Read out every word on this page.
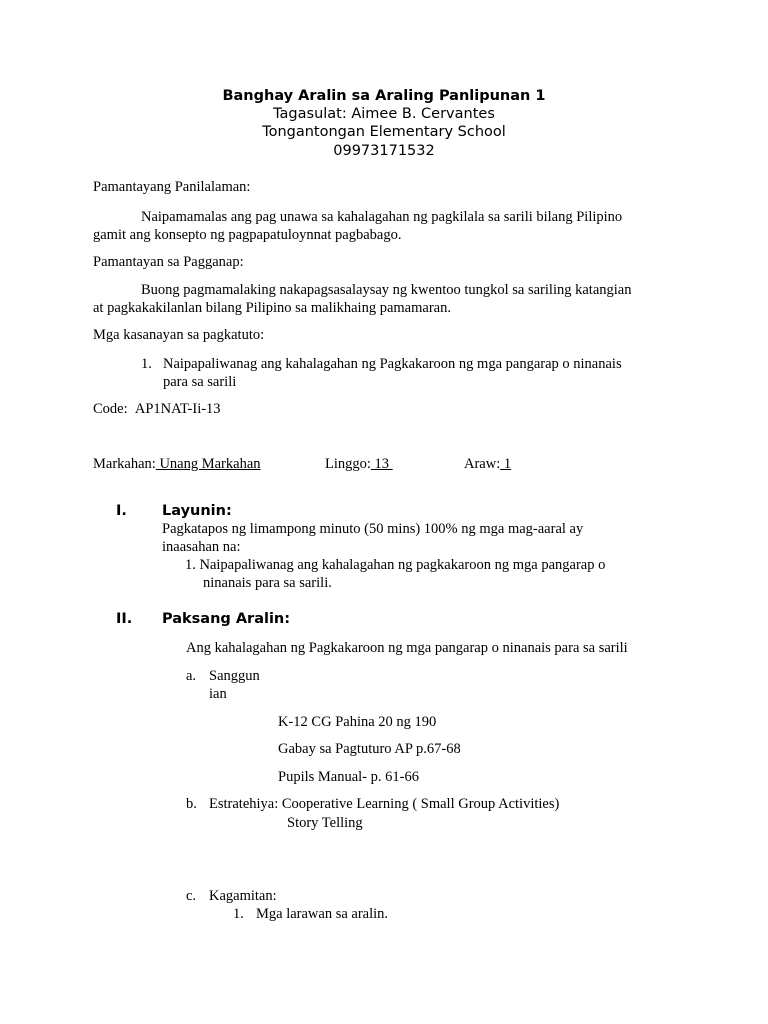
Banghay Aralin sa Araling Panlipunan 1
Tagasulat: Aimee B. Cervantes
Tongantongan Elementary School
09973171532
Pamantayang Panilalaman:
Naipamamalas ang pag unawa sa kahalagahan ng pagkilala sa sarili bilang Pilipino
gamit ang konsepto ng pagpapatuloynnat pagbabago.
Pamantayan sa Pagganap:
Buong pagmamalaking nakapagsasalaysay ng kwentoo tungkol sa sariling katangian
at pagkakakilanlan bilang Pilipino sa malikhaing pamamaran.
Mga kasanayan sa pagkatuto:
1. Naipapaliwanag ang kahalagahan ng Pagkakaroon ng mga pangarap o ninanais
para sa sarili
Code: AP1NAT-Ii-13
Markahan: Unang Markahan	Linggo: 13	Araw: 1
I. Layunin:
Pagkatapos ng limampong minuto (50 mins) 100% ng mga mag-aaral ay
inaasahan na:
1. Naipapaliwanag ang kahalagahan ng pagkakaroon ng mga pangarap o
ninanais para sa sarili.
II. Paksang Aralin:
Ang kahalagahan ng Pagkakaroon ng mga pangarap o ninanais para sa sarili
a. Sanggun
ian
K-12 CG Pahina 20 ng 190
Gabay sa Pagtuturo AP p.67-68
Pupils Manual- p. 61-66
b. Estratehiya: Cooperative Learning ( Small Group Activities)
Story Telling
c. Kagamitan:
1. Mga larawan sa aralin.
